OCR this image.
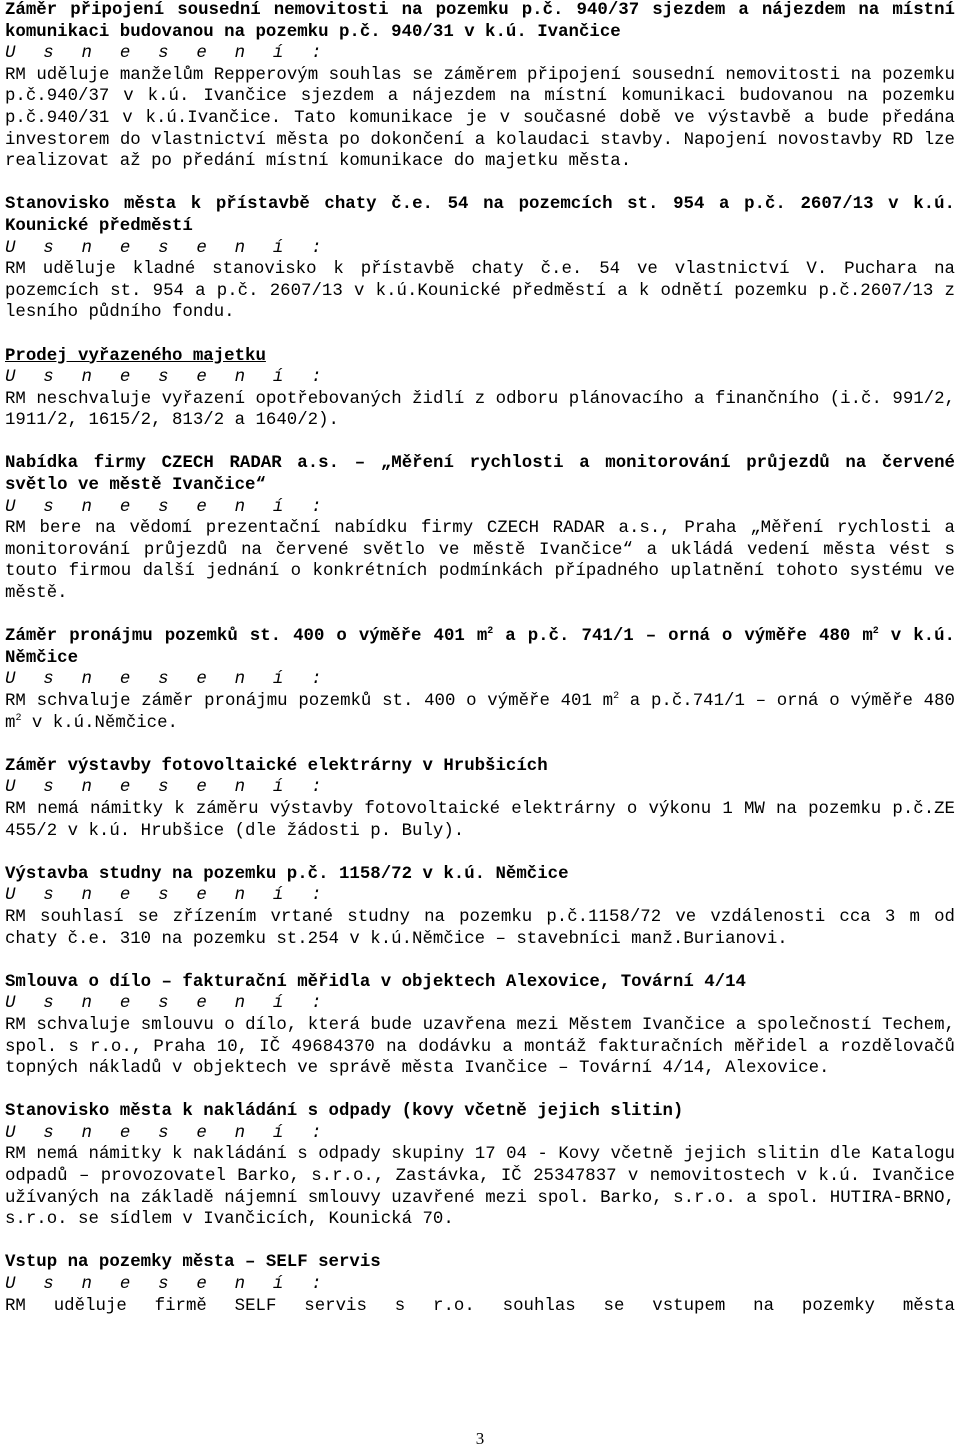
Záměr připojení sousední nemovitosti na pozemku p.č. 940/37 sjezdem a nájezdem na místní komunikaci budovanou na pozemku p.č. 940/31 v k.ú. Ivančice
U s n e s e n í :
RM uděluje manželům Repperovým souhlas se záměrem připojení sousední nemovitosti na pozemku p.č.940/37 v k.ú. Ivančice sjezdem a nájezdem na místní komunikaci budovanou na pozemku p.č.940/31 v k.ú.Ivančice. Tato komunikace je v současné době ve výstavbě a bude předána investorem do vlastnictví města po dokončení a kolaudaci stavby. Napojení novostavby RD lze realizovat až po předání místní komunikace do majetku města.
Stanovisko města k přístavbě chaty č.e. 54 na pozemcích st. 954 a p.č. 2607/13 v k.ú. Kounické předměstí
U s n e s e n í :
RM uděluje kladné stanovisko k přístavbě chaty č.e. 54 ve vlastnictví V. Puchara na pozemcích st. 954 a p.č. 2607/13 v k.ú.Kounické předměstí a k odnětí pozemku p.č.2607/13 z lesního půdního fondu.
Prodej vyřazeného majetku
U s n e s e n í :
RM neschvaluje vyřazení opotřebovaných židlí z odboru plánovacího a finančního (i.č. 991/2, 1911/2, 1615/2, 813/2 a 1640/2).
Nabídka firmy CZECH RADAR a.s. – „Měření rychlosti a monitorování průjezdů na červené světlo ve městě Ivančice“
U s n e s e n í :
RM bere na vědomí prezentační nabídku firmy CZECH RADAR a.s., Praha „Měření rychlosti a monitorování průjezdů na červené světlo ve městě Ivančice“ a ukládá vedení města vést s touto firmou další jednání o konkrétních podmínkách případného uplatnění tohoto systému ve městě.
Záměr pronájmu pozemků st. 400 o výměře 401 $m^2$ a p.č. 741/1 – orná o výměře 480 $m^2$ v k.ú. Němčice
U s n e s e n í :
RM schvaluje záměr pronájmu pozemků st. 400 o výměře 401 $m^2$ a p.č.741/1 – orná o výměře 480 $m^2$ v k.ú.Němčice.
Záměr výstavby fotovoltaické elektrárny v Hrubšicích
U s n e s e n í :
RM nemá námitky k záměru výstavby fotovoltaické elektrárny o výkonu 1 MW na pozemku p.č.ZE 455/2 v k.ú. Hrubšice (dle žádosti p. Buly).
Výstavba studny na pozemku p.č. 1158/72 v k.ú. Němčice
U s n e s e n í :
RM souhlasí se zřízením vrtané studny na pozemku p.č.1158/72 ve vzdálenosti cca 3 m od chaty č.e. 310 na pozemku st.254 v k.ú.Němčice – stavebníci manž.Burianovi.
Smlouva o dílo – fakturační měřidla v objektech Alexovice, Tovární 4/14
U s n e s e n í :
RM schvaluje smlouvu o dílo, která bude uzavřena mezi Městem Ivančice a společností Techem, spol. s r.o., Praha 10, IČ 49684370 na dodávku a montáž fakturačních měřidel a rozdělovačů topných nákladů v objektech ve správě města Ivančice – Tovární 4/14, Alexovice.
Stanovisko města k nakládání s odpady (kovy včetně jejich slitin)
U s n e s e n í :
RM nemá námitky k nakládání s odpady skupiny 17 04 - Kovy včetně jejich slitin dle Katalogu odpadů – provozovatel Barko, s.r.o., Zastávka, IČ 25347837 v nemovitostech v k.ú. Ivančice užívaných na základě nájemní smlouvy uzavřené mezi spol. Barko, s.r.o. a spol. HUTIRA-BRNO, s.r.o. se sídlem v Ivančicích, Kounická 70.
Vstup na pozemky města – SELF servis
U s n e s e n í :
RM uděluje firmě SELF servis s r.o. souhlas se vstupem na pozemky města
3
